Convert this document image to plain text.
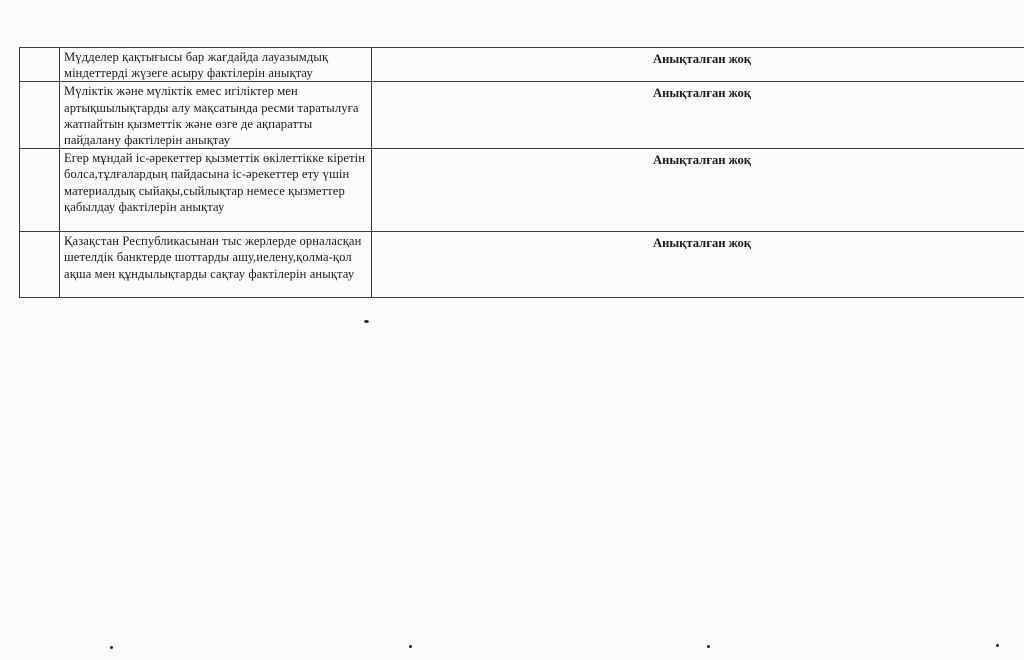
	Мүдделер қақтығысы бар жағдайда лауазымдық міндеттерді жүзеге асыру фактілерін анықтау	Анықталған жоқ

	Мүліктік және мүліктік емес игіліктер мен артықшылықтарды алу мақсатында ресми таратылуға жатпайтын қызметтік және өзге де ақпаратты пайдалану фактілерін анықтау	Анықталған жоқ

	Егер мұндай іс-әрекеттер қызметтік өкілеттікке кіретін болса,тұлғалардың пайдасына іс-әрекеттер ету үшін материалдық сыйақы,сыйлықтар немесе қызметтер қабылдау фактілерін анықтау	Анықталған жоқ

	Қазақстан Республикасынан тыс жерлерде орналасқан шетелдік банктерде шоттарды ашу,иелену,қолма-қол ақша мен құндылықтарды сақтау фактілерін анықтау	Анықталған жоқ
